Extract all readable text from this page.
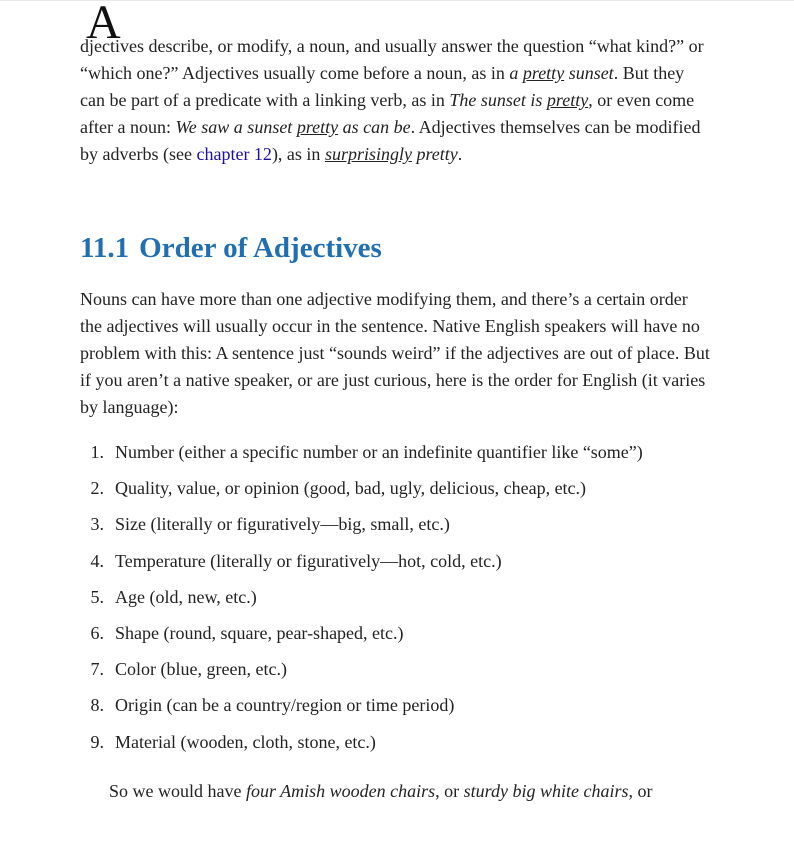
A
djectives describe, or modify, a noun, and usually answer the question “what kind?” or “which one?” Adjectives usually come before a noun, as in a pretty sunset. But they can be part of a predicate with a linking verb, as in The sunset is pretty, or even come after a noun: We saw a sunset pretty as can be. Adjectives themselves can be modified by adverbs (see chapter 12), as in surprisingly pretty.

11.1 Order of Adjectives

Nouns can have more than one adjective modifying them, and there’s a certain order the adjectives will usually occur in the sentence. Native English speakers will have no problem with this: A sentence just “sounds weird” if the adjectives are out of place. But if you aren’t a native speaker, or are just curious, here is the order for English (it varies by language):

1. Number (either a specific number or an indefinite quantifier like “some”)
2. Quality, value, or opinion (good, bad, ugly, delicious, cheap, etc.)
3. Size (literally or figuratively—big, small, etc.)
4. Temperature (literally or figuratively—hot, cold, etc.)
5. Age (old, new, etc.)
6. Shape (round, square, pear-shaped, etc.)
7. Color (blue, green, etc.)
8. Origin (can be a country/region or time period)
9. Material (wooden, cloth, stone, etc.)

So we would have four Amish wooden chairs, or sturdy big white chairs, or
